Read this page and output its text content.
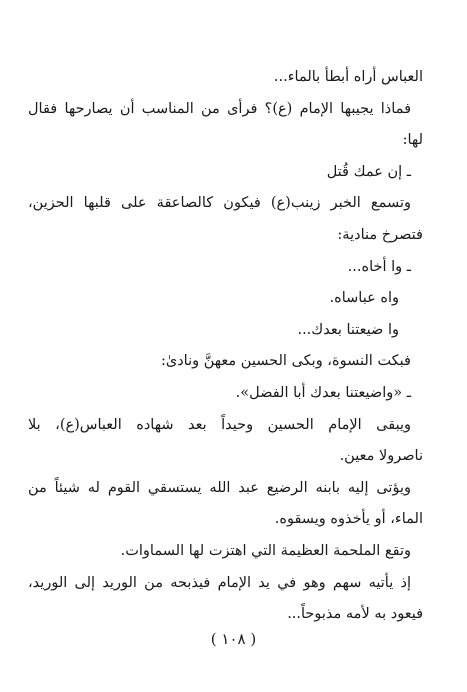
العباس أراه أبطأ بالماء...
فماذا يجيبها الإمام (ع)؟ فرأى من المناسب أن يصارحها فقال
لها:
ـ إن عمك قُتل
وتسمع الخبر زينب(ع) فيكون كالصاعقة على قلبها الحزين،
فتصرخ منادية:
ـ وا أخاه...
واه عباساه.
وا ضيعتنا بعدك...
فبكت النسوة، وبكى الحسين معهنَّ ونادىٰ:
ـ «واضيعتنا بعدك أبا الفضل».
ويبقى الإمام الحسين وحيداً بعد شهاده العباس(ع)، بلا
ناصرولا معين.
ويؤتى إليه بابنه الرضيع عبد الله يستسقي القوم له شيئاً من
الماء، أو يأخذوه ويسقوه.
وتقع الملحمة العظيمة التي اهتزت لها السماوات.
إذ يأتيه سهم وهو في يد الإمام فيذبحه من الوريد إلى الوريد،
فيعود به لأمه مذبوحاً...
( ١٠٨ )
